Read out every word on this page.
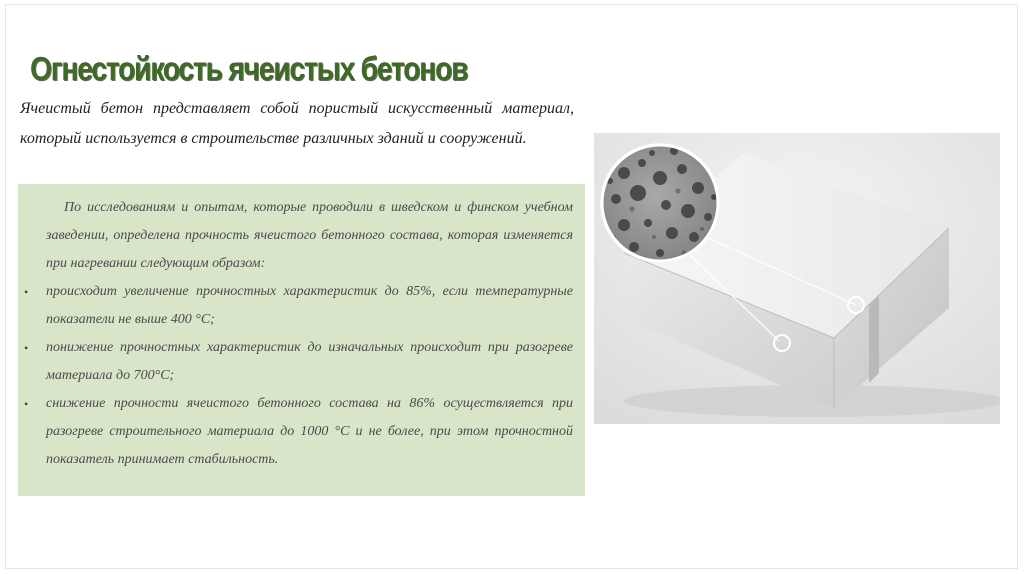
Огнестойкость ячеистых бетонов

Ячеистый бетон представляет собой пористый искусственный материал, который используется в строительстве различных зданий и сооружений.

По исследованиям и опытам, которые проводили в шведском и финском учебном заведении, определена прочность ячеистого бетонного состава, которая изменяется при нагревании следующим образом:

• происходит увеличение прочностных характеристик до 85%, если температурные показатели не выше 400 °С;
• понижение прочностных характеристик до изначальных происходит при разогреве материала до 700°С;
• снижение прочности ячеистого бетонного состава на 86% осуществляется при разогреве строительного материала до 1000 °С и не более, при этом прочностной показатель принимает стабильность.
